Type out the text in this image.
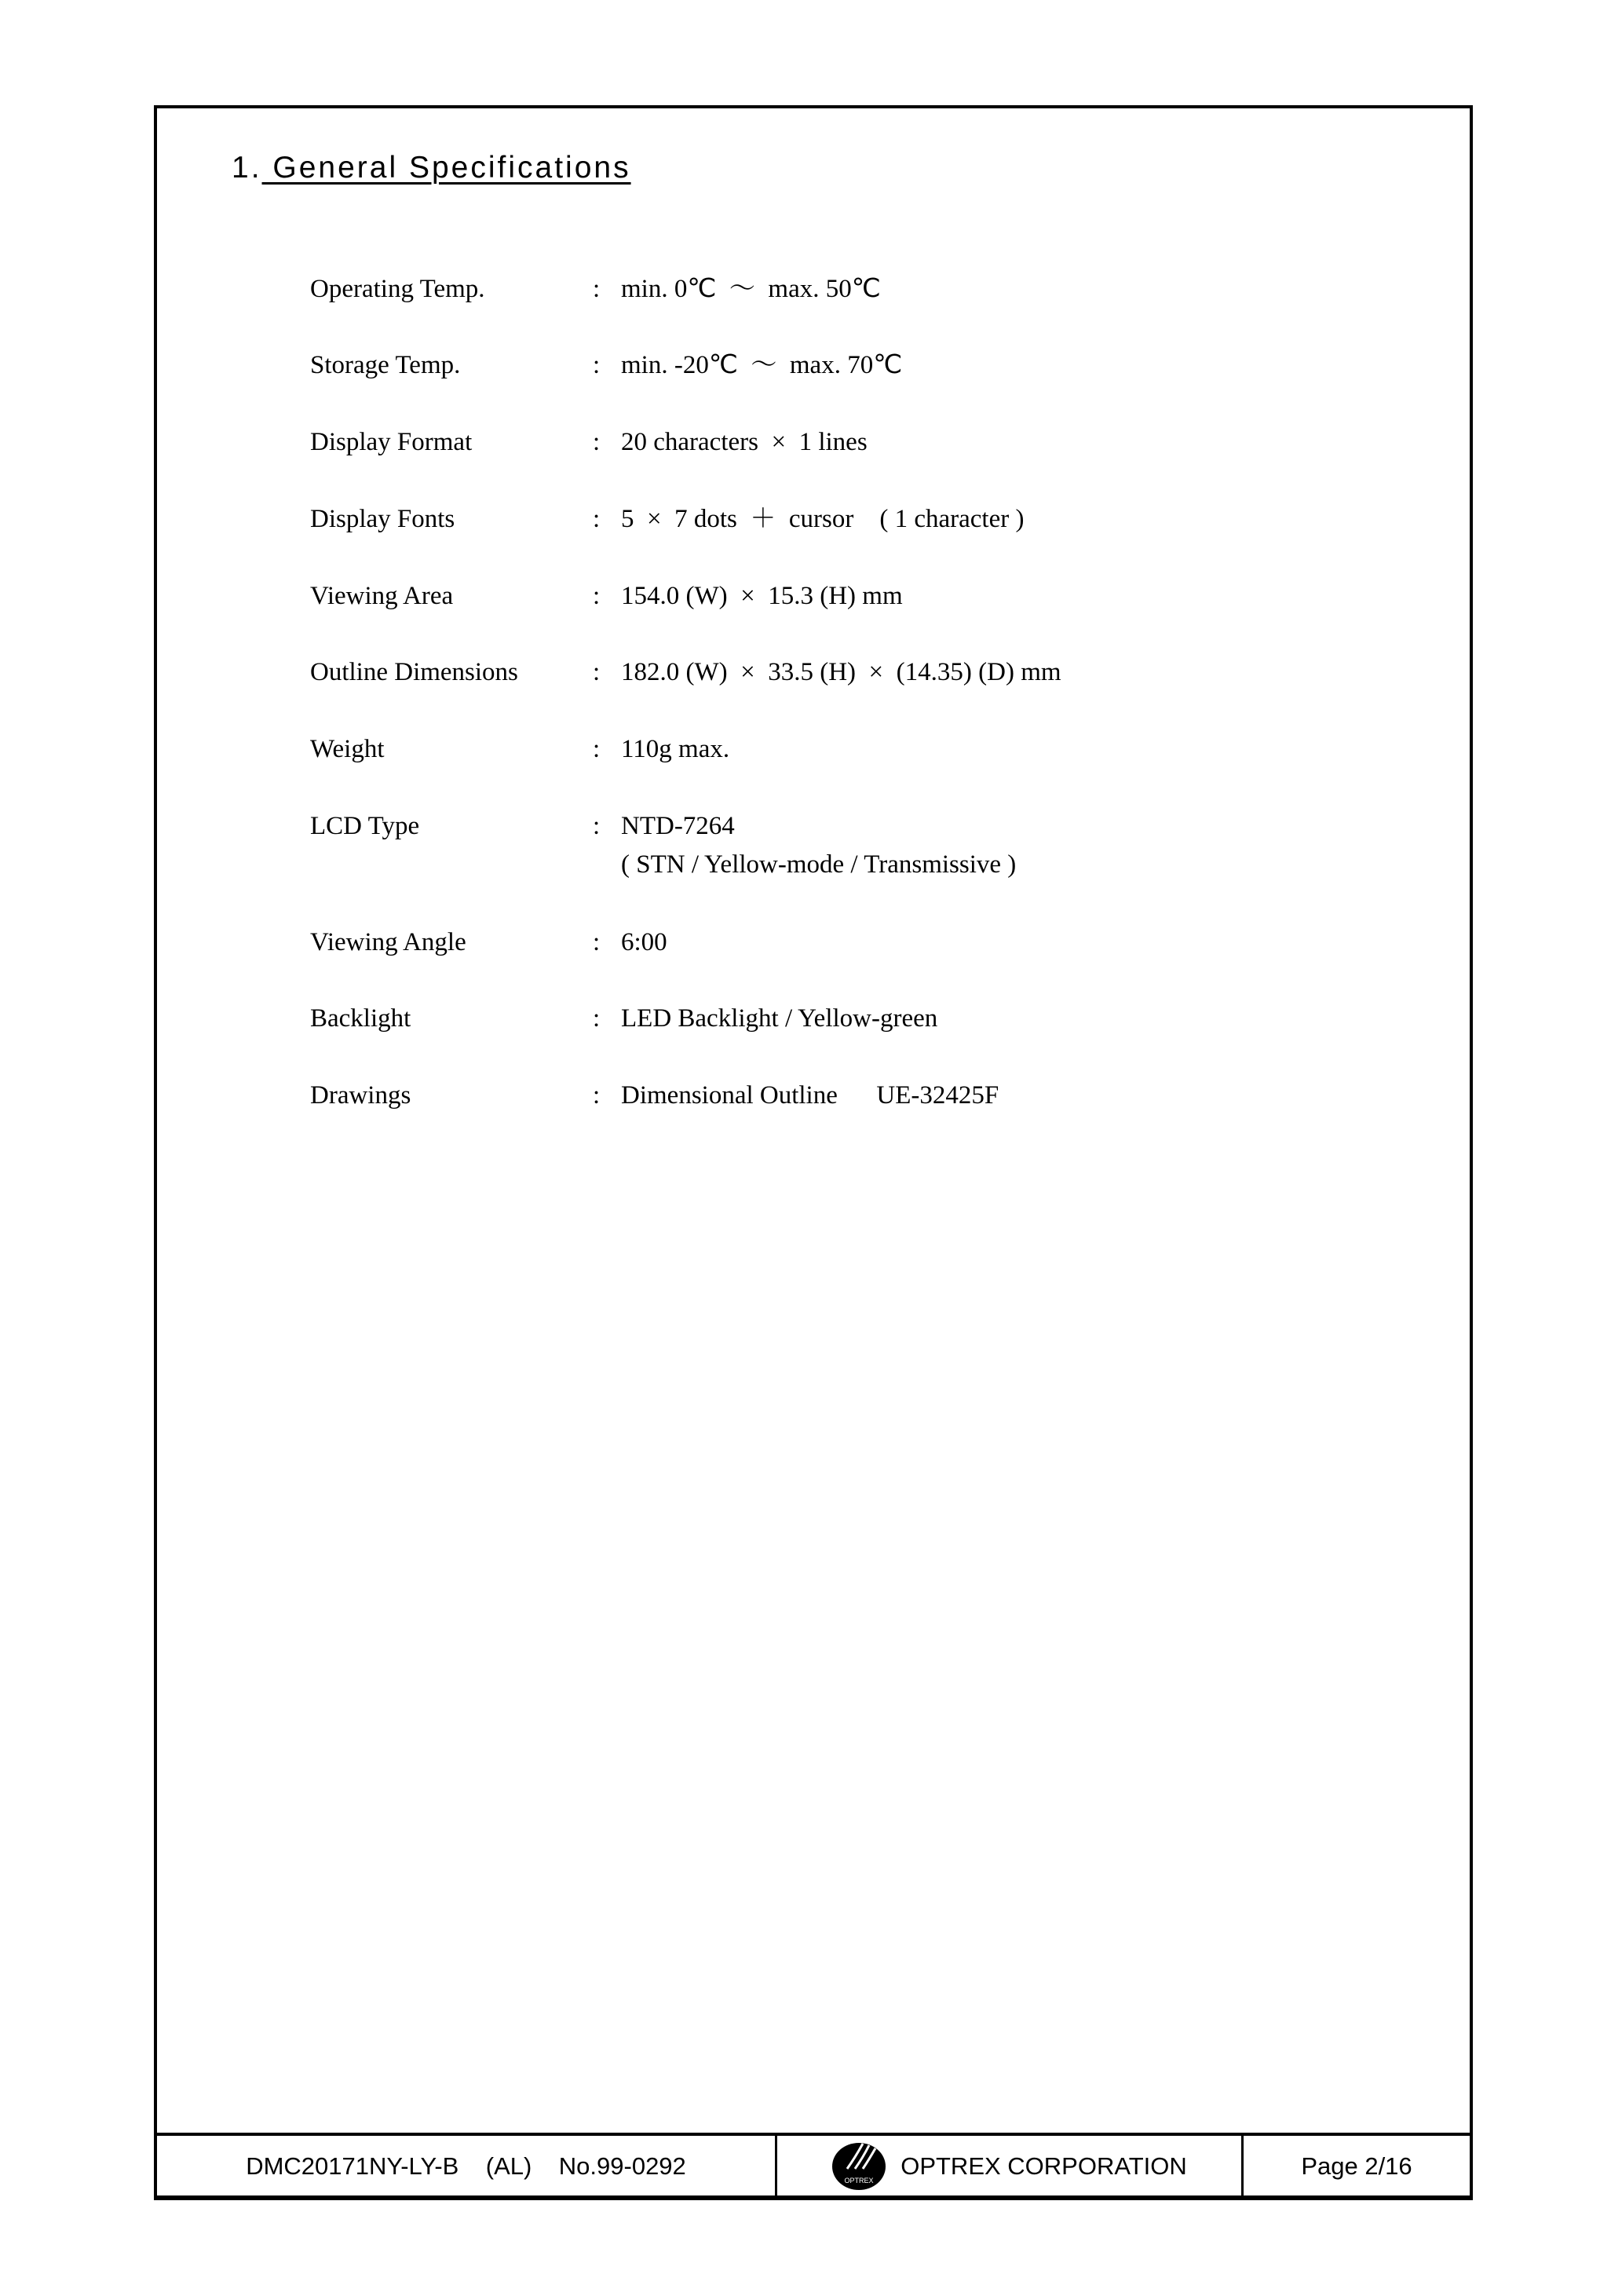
1. General Specifications
Operating Temp.	: min. 0℃  ～  max. 50℃
Storage Temp.	: min. -20℃  ～  max. 70℃
Display Format	: 20 characters  ×  1 lines
Display Fonts	: 5  ×  7 dots  ＋  cursor    ( 1 character )
Viewing Area	: 154.0 (W)  ×  15.3 (H) mm
Outline Dimensions	: 182.0 (W)  ×  33.5 (H)  ×  (14.35) (D) mm
Weight	: 110g max.
LCD Type	: NTD-7264
( STN / Yellow-mode / Transmissive )
Viewing Angle	: 6:00
Backlight	: LED Backlight / Yellow-green
Drawings	: Dimensional Outline      UE-32425F
DMC20171NY-LY-B    (AL)    No.99-0292
OPTREX
OPTREX CORPORATION	Page 2/16
